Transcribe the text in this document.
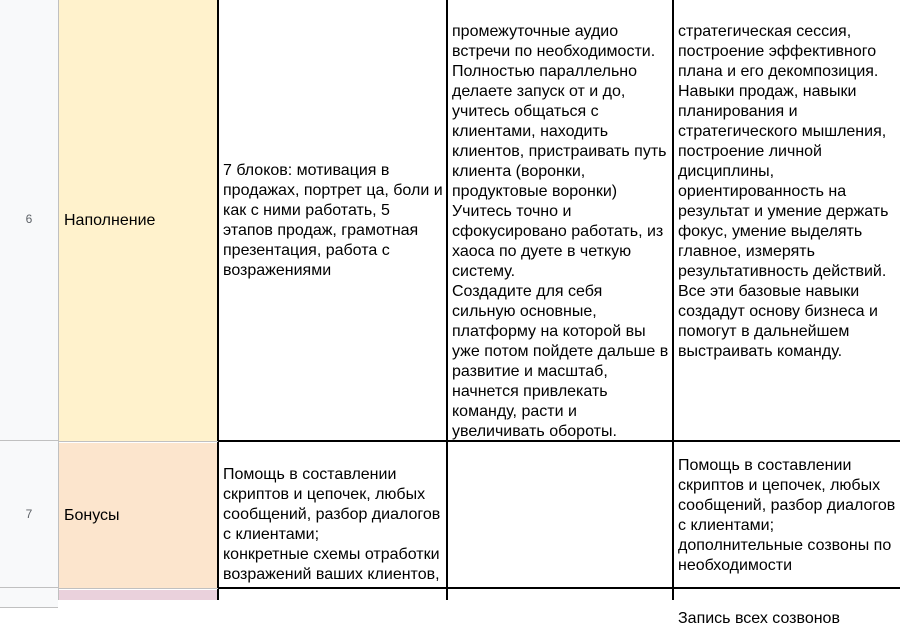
6
7
Наполнение
7 блоков: мотивация в продажах, портрет ца, боли и как с ними работать, 5 этапов продаж, грамотная презентация, работа с возражениями

промежуточные аудио встречи по необходимости.
Полностью параллельно делаете запуск от и до, учитесь общаться с клиентами, находить клиентов, пристраивать путь клиента (воронки, продуктовые воронки)
Учитесь точно и сфокусировано работать, из хаоса по дуете в четкую систему.
Создадите для себя сильную основные, платформу на которой вы уже потом пойдете дальше в развитие и масштаб, начнется привлекать команду, расти и увеличивать обороты.

стратегическая сессия, построение эффективного плана и его декомпозиция.
Навыки продаж, навыки планирования и стратегического мышления, построение личной дисциплины, ориентированность на результат и умение держать фокус, умение выделять главное, измерять результативность действий.
Все эти базовые навыки создадут основу бизнеса и помогут в дальнейшем выстраивать команду.

Бонусы

Помощь в составлении скриптов и цепочек, любых сообщений, разбор диалогов с клиентами;
конкретные схемы отработки возражений ваших клиентов,

Помощь в составлении скриптов и цепочек, любых сообщений, разбор диалогов с клиентами;
дополнительные созвоны по необходимости

Запись всех созвонов
